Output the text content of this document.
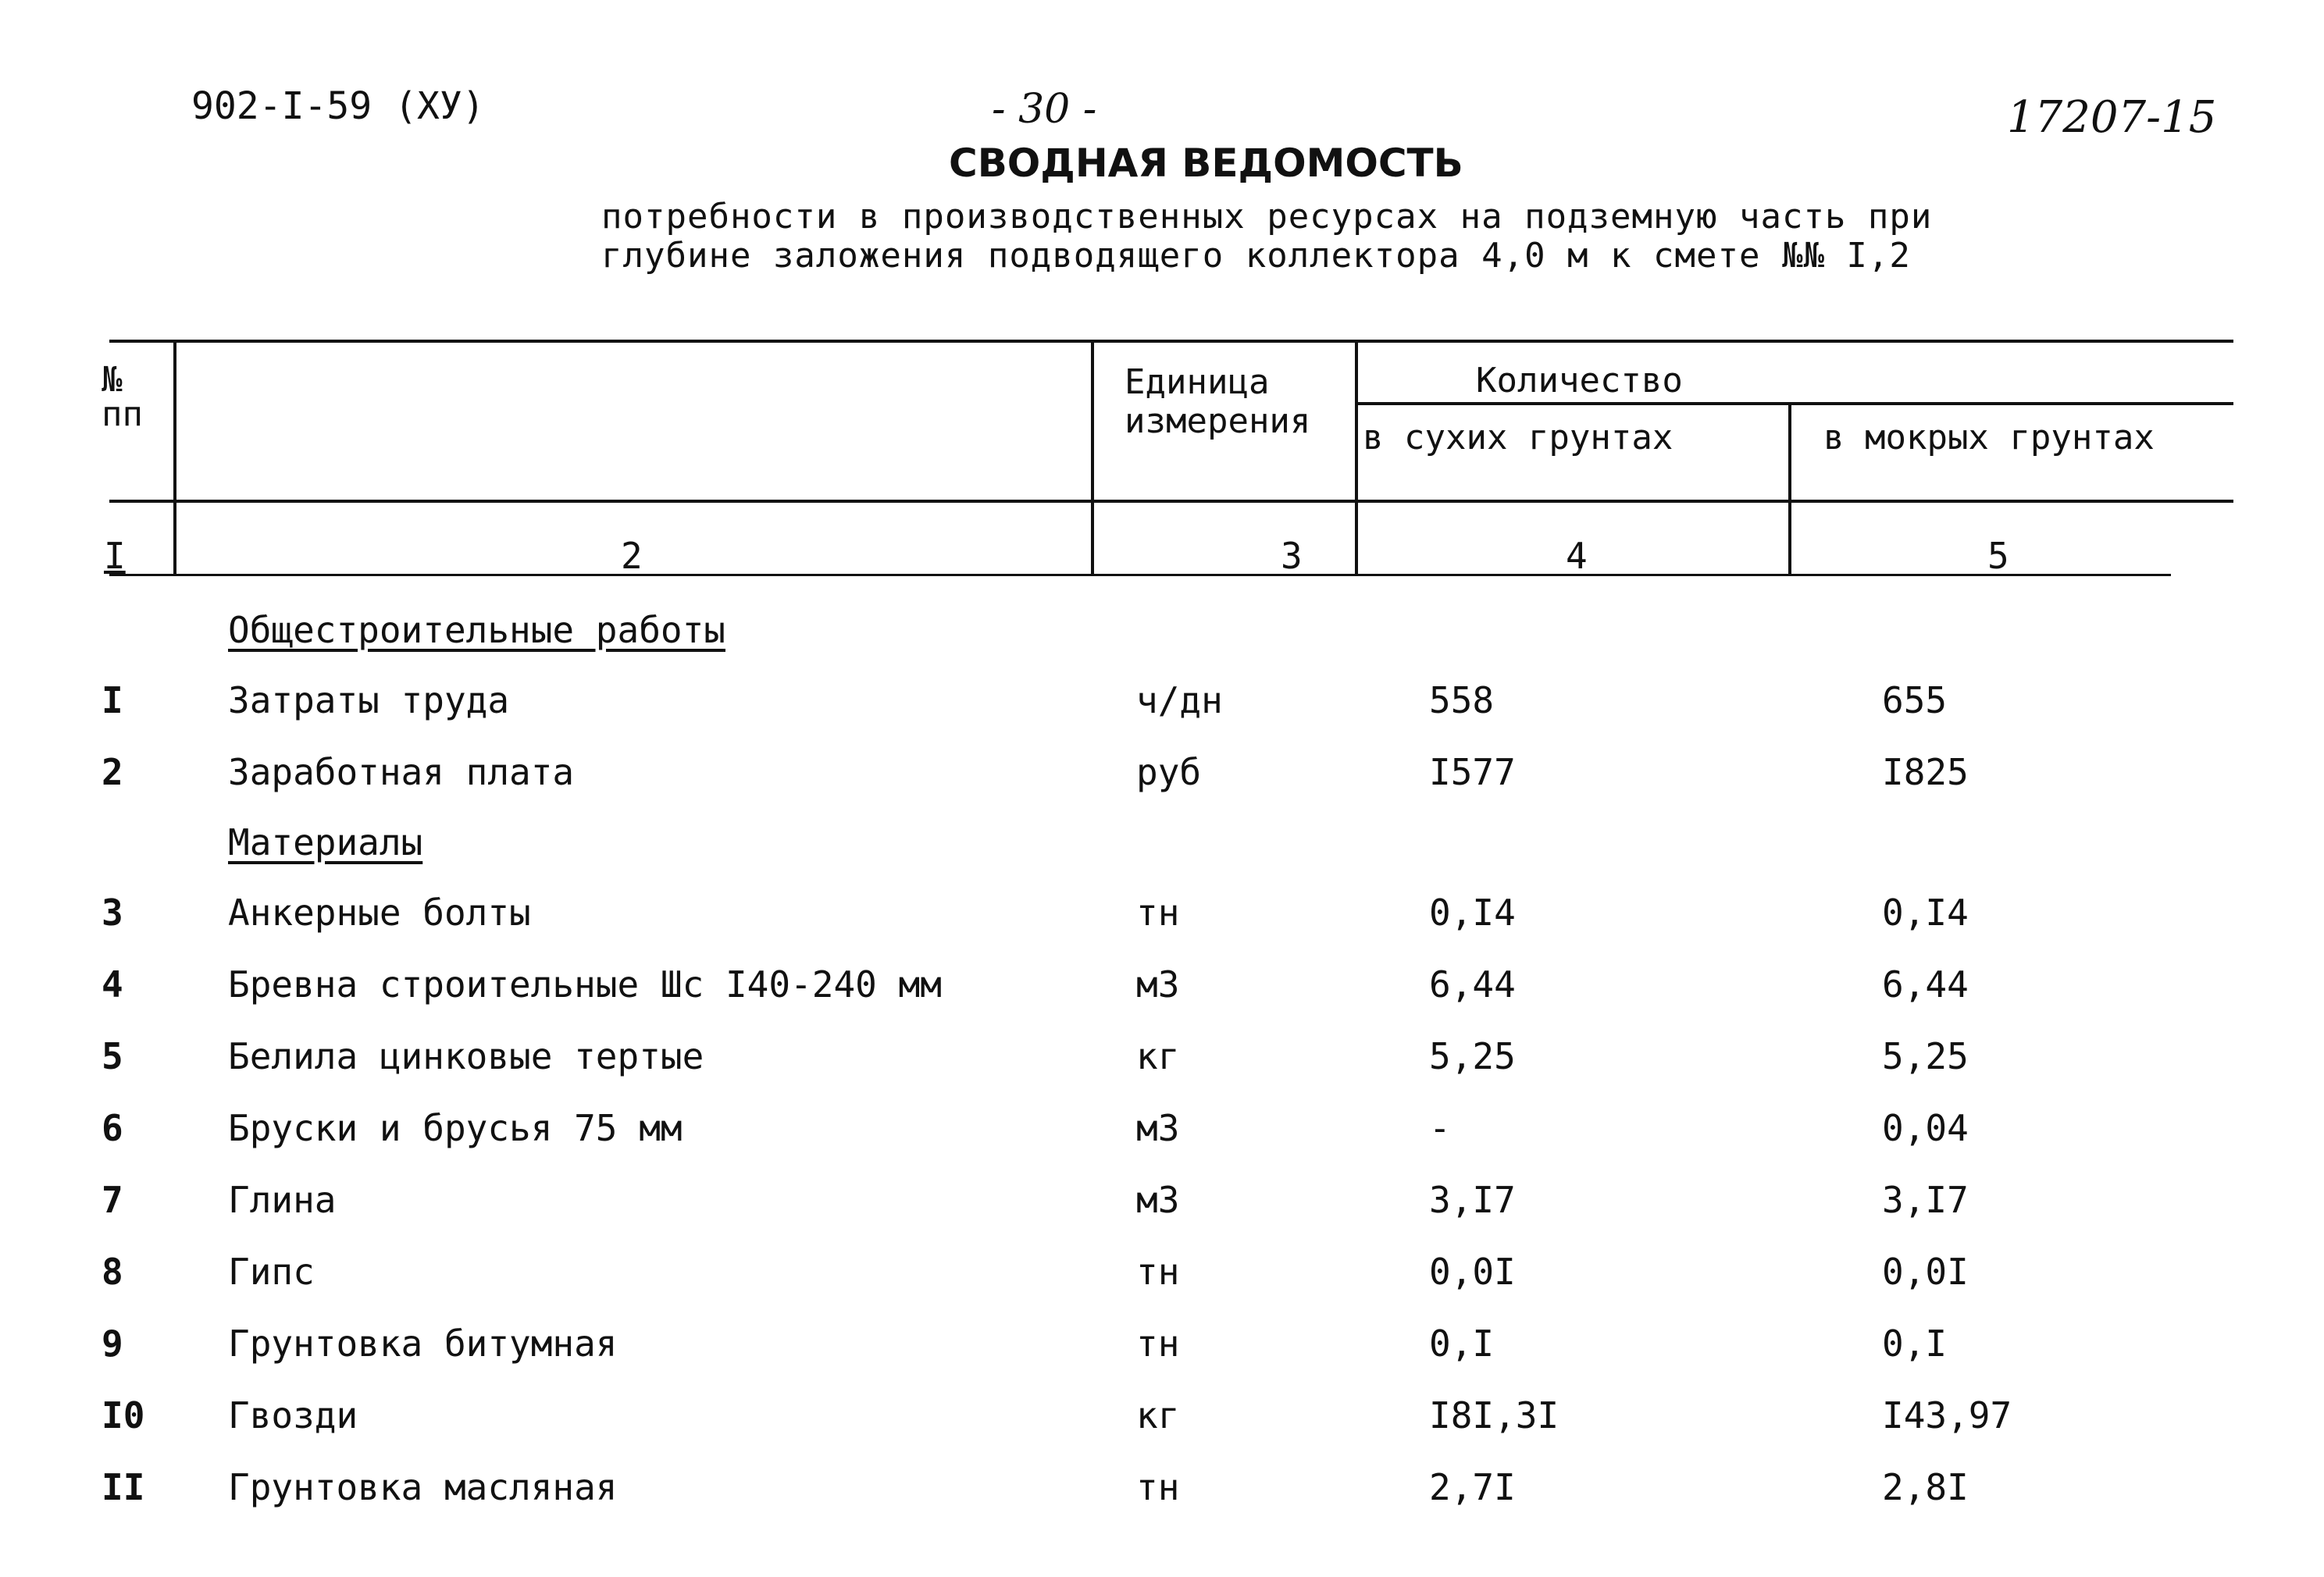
902-I-59 (XУ)	- 30 -	17207-15
СВОДНАЯ ВЕДОМОСТЬ
потребности в производственных ресурсах на подземную часть при
глубине заложения подводящего коллектора 4,0 м к смете №№ I,2
№
пп
Единица
измерения
Количество
в сухих грунтах	в мокрых грунтах
I	2	3	4	5
Общестроительные работы
I	Затраты труда	ч/дн	558	655
2	Заработная плата	руб	I577	I825
Материалы
3	Анкерные болты	тн	0,I4	0,I4
4	Бревна строительные Шс I40-240 мм	м3	6,44	6,44
5	Белила цинковые тертые	кг	5,25	5,25
6	Бруски и брусья 75 мм	м3	-	0,04
7	Глина	м3	3,I7	3,I7
8	Гипс	тн	0,0I	0,0I
9	Грунтовка битумная	тн	0,I	0,I
I0 Гвозди	кг	I8I,3I	I43,97
II Грунтовка масляная	тн	2,7I	2,8I
